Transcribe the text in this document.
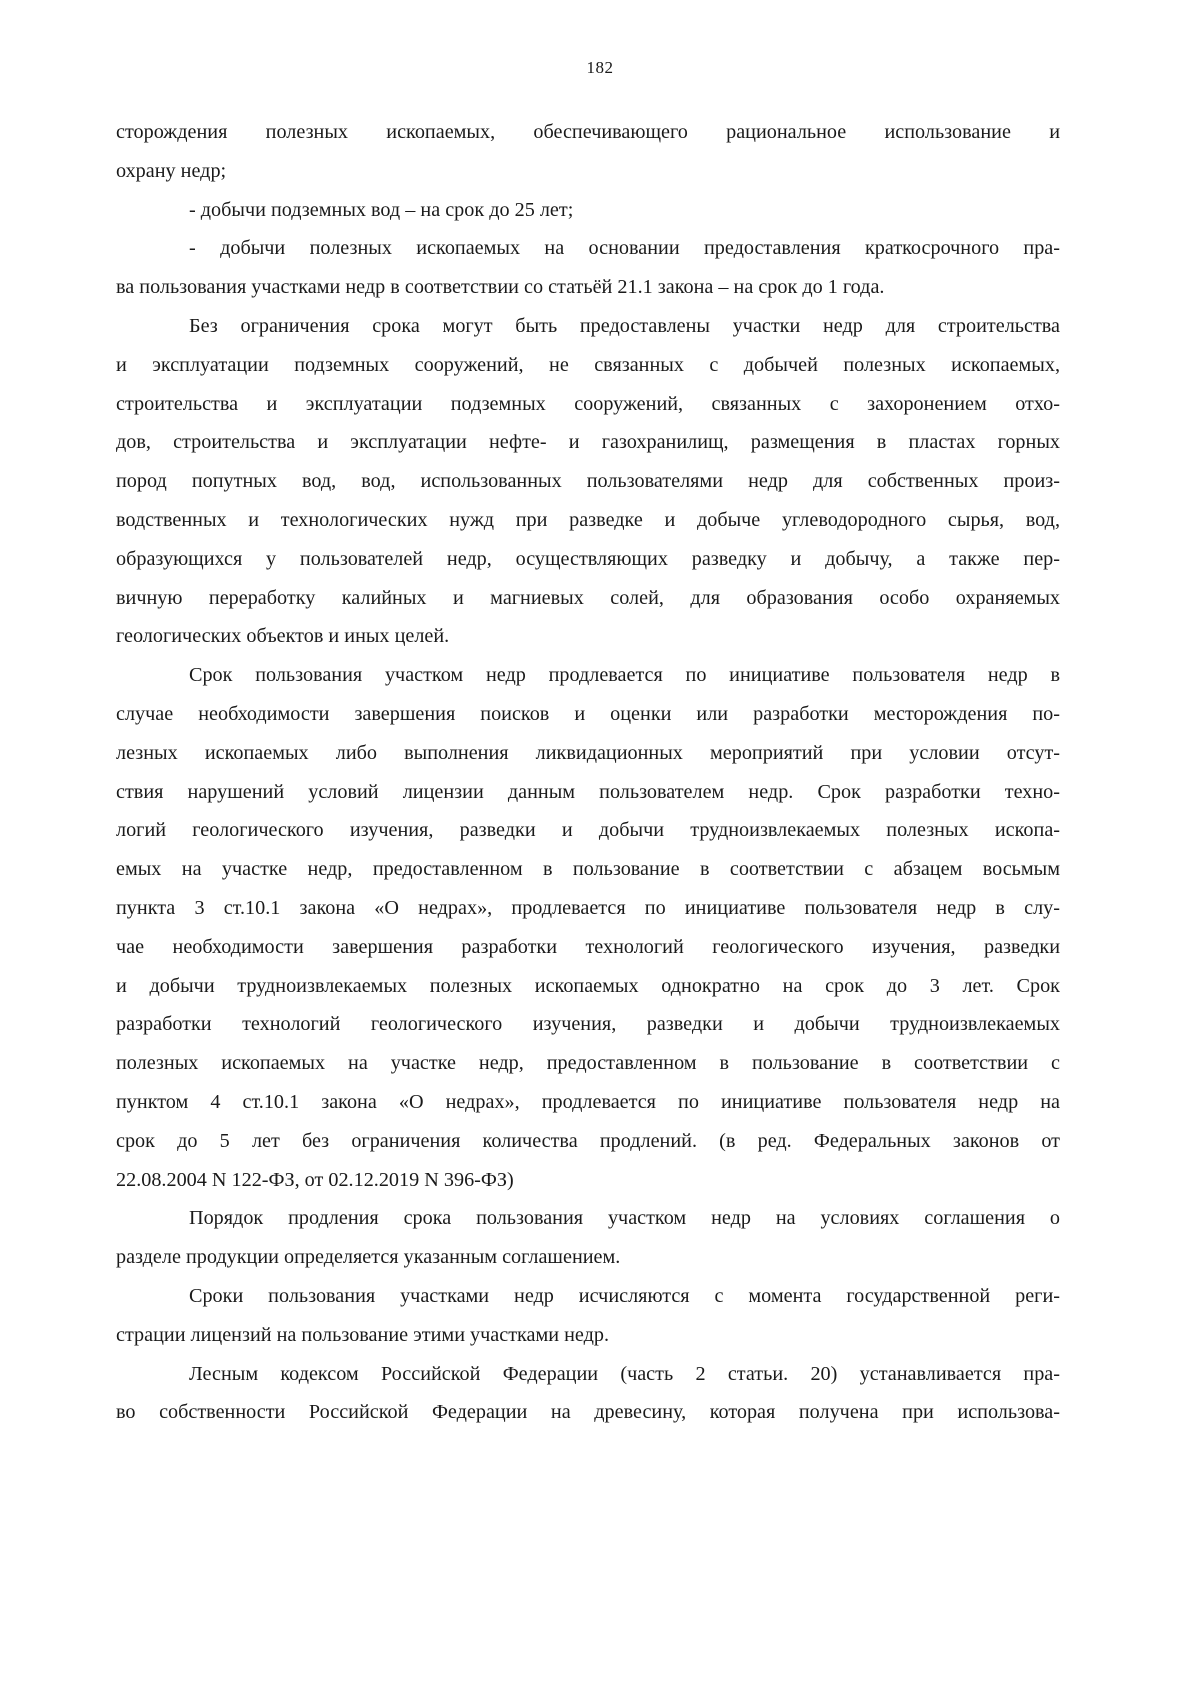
182
сторождения полезных ископаемых, обеспечивающего рациональное использование и
охрану недр;
- добычи подземных вод – на срок до 25 лет;
- добычи полезных ископаемых на основании предоставления краткосрочного пра-
ва пользования участками недр в соответствии со статьёй 21.1 закона – на срок до 1 года.
Без ограничения срока могут быть предоставлены участки недр для строительства
и эксплуатации подземных сооружений, не связанных с добычей полезных ископаемых,
строительства и эксплуатации подземных сооружений, связанных с захоронением отхо-
дов, строительства и эксплуатации нефте- и газохранилищ, размещения в пластах горных
пород попутных вод, вод, использованных пользователями недр для собственных произ-
водственных и технологических нужд при разведке и добыче углеводородного сырья, вод,
образующихся у пользователей недр, осуществляющих разведку и добычу, а также пер-
вичную переработку калийных и магниевых солей, для образования особо охраняемых
геологических объектов и иных целей.
Срок пользования участком недр продлевается по инициативе пользователя недр в
случае необходимости завершения поисков и оценки или разработки месторождения по-
лезных ископаемых либо выполнения ликвидационных мероприятий при условии отсут-
ствия нарушений условий лицензии данным пользователем недр. Срок разработки техно-
логий геологического изучения, разведки и добычи трудноизвлекаемых полезных ископа-
емых на участке недр, предоставленном в пользование в соответствии с абзацем восьмым
пункта 3 ст.10.1 закона «О недрах», продлевается по инициативе пользователя недр в слу-
чае необходимости завершения разработки технологий геологического изучения, разведки
и добычи трудноизвлекаемых полезных ископаемых однократно на срок до 3 лет. Срок
разработки технологий геологического изучения, разведки и добычи трудноизвлекаемых
полезных ископаемых на участке недр, предоставленном в пользование в соответствии с
пунктом 4 ст.10.1 закона «О недрах», продлевается по инициативе пользователя недр на
срок до 5 лет без ограничения количества продлений. (в ред. Федеральных законов от
22.08.2004 N 122-ФЗ, от 02.12.2019 N 396-ФЗ)
Порядок продления срока пользования участком недр на условиях соглашения о
разделе продукции определяется указанным соглашением.
Сроки пользования участками недр исчисляются с момента государственной реги-
страции лицензий на пользование этими участками недр.
Лесным кодексом Российской Федерации (часть 2 статьи. 20) устанавливается пра-
во собственности Российской Федерации на древесину, которая получена при использова-
